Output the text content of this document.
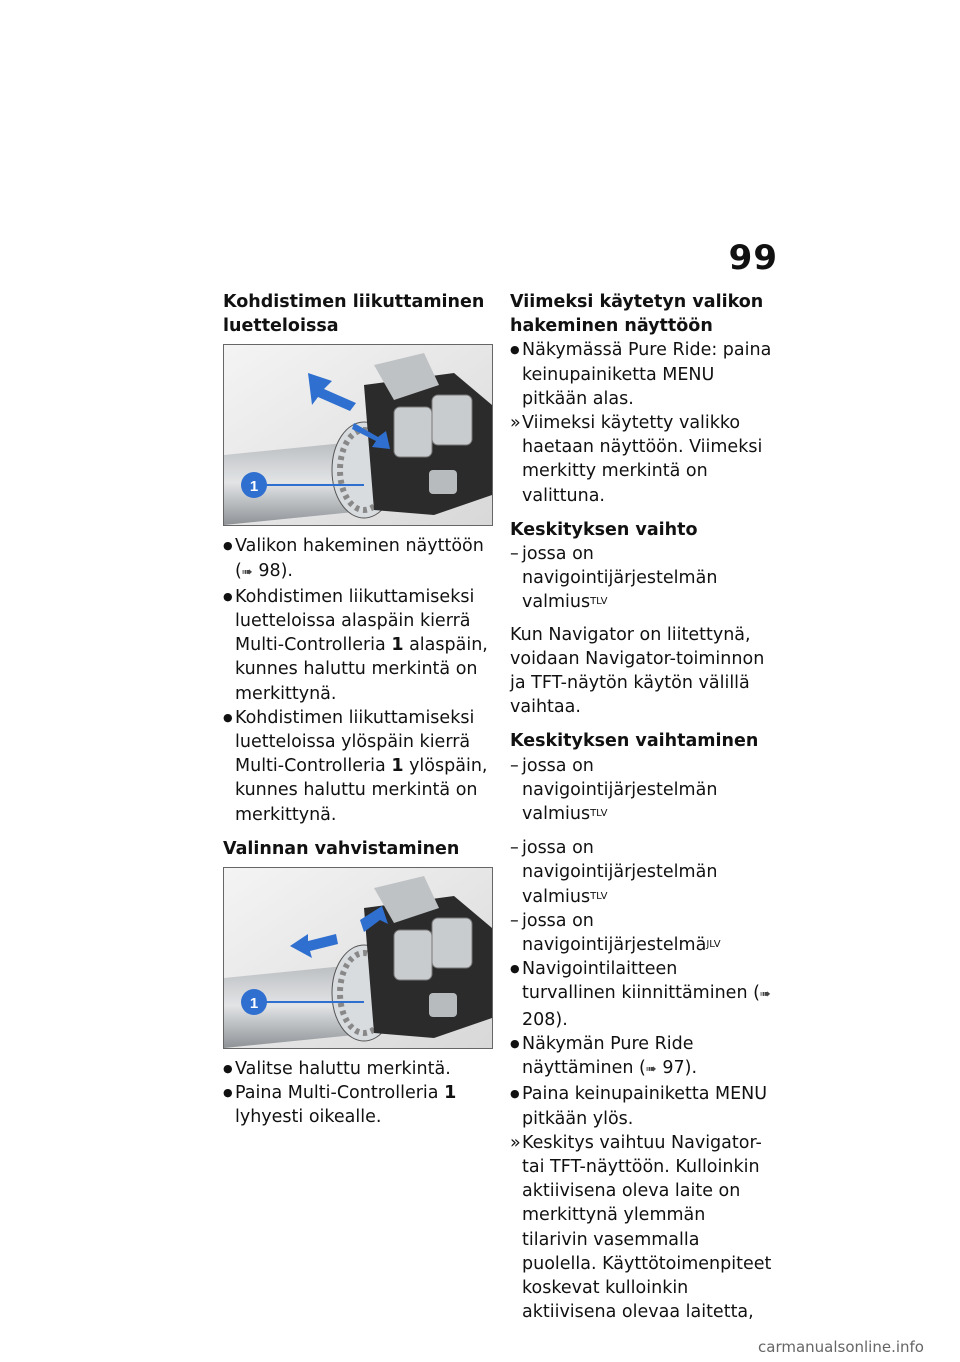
99

Kohdistimen liikuttaminen luetteloissa

1

● Valikon hakeminen näyttöön (➠ 98).

● Kohdistimen liikuttamiseksi luetteloissa alaspäin kierrä Multi-Controlleria 1 alaspäin, kunnes haluttu merkintä on merkittynä.

● Kohdistimen liikuttamiseksi luetteloissa ylöspäin kierrä Multi-Controlleria 1 ylöspäin, kunnes haluttu merkintä on merkittynä.

Valinnan vahvistaminen

1

● Valitse haluttu merkintä.

● Paina Multi-Controlleria 1 lyhyesti oikealle.

Viimeksi käytetyn valikon hakeminen näyttöön

● Näkymässä Pure Ride: paina keinupainiketta MENU pitkään alas.

» Viimeksi käytetty valikko haetaan näyttöön. Viimeksi merkitty merkintä on valittuna.

Keskityksen vaihto

– jossa on navigointijärjestelmän valmius$^{TLV}$

Kun Navigator on liitettynä, voidaan Navigator-toiminnon ja TFT-näytön käytön välillä vaihtaa.

Keskityksen vaihtaminen

– jossa on navigointijärjestelmän valmius$^{TLV}$

– jossa on navigointijärjestelmän valmius$^{TLV}$

– jossa on navigointijärjestelmä$^{JLV}$

● Navigointilaitteen turvallinen kiinnittäminen (➠ 208).

● Näkymän Pure Ride näyttäminen (➠ 97).

● Paina keinupainiketta MENU pitkään ylös.

» Keskitys vaihtuu Navigator- tai TFT-näyttöön. Kulloinkin aktiivisena oleva laite on merkittynä ylemmän tilarivin vasemmalla puolella. Käyttötoimenpiteet koskevat kulloinkin aktiivisena olevaa laitetta,

carmanualsonline.info
